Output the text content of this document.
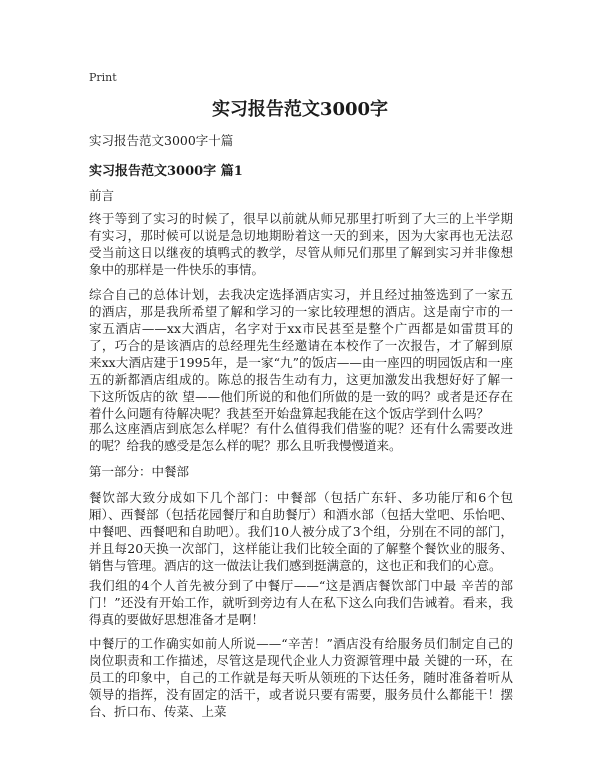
Print
实习报告范文3000字

实习报告范文3000字十篇

实习报告范文3000字 篇1

前言

终于等到了实习的时候了，很早以前就从师兄那里打听到了大三的上半学期有实习，那时候可以说是急切地期盼着这一天的到来，因为大家再也无法忍受当前这日以继夜的填鸭式的教学，尽管从师兄们那里了解到实习并非像想象中的那样是一件快乐的事情。

综合自己的总体计划，去我决定选择酒店实习，并且经过抽签选到了一家五的酒店，那是我所希望了解和学习的一家比较理想的酒店。这是南宁市的一家五酒店——xx大酒店，名字对于xx市民甚至是整个广西都是如雷贯耳的了，巧合的是该酒店的总经理先生经邀请在本校作了一次报告，才了解到原来xx大酒店建于1995年，是一家“九”的饭店——由一座四的明园饭店和一座五的新都酒店组成的。陈总的报告生动有力，这更加激发出我想好好了解一下这所饭店的欲 望——他们所说的和他们所做的是一致的吗？或者是还存在着什么问题有待解决呢？我甚至开始盘算起我能在这个饭店学到什么吗？

那么这座酒店到底怎么样呢？有什么值得我们借鉴的呢？还有什么需要改进的呢？给我的感受是怎么样的呢？那么且听我慢慢道来。

第一部分：中餐部

餐饮部大致分成如下几个部门：中餐部（包括广东轩、多功能厅和6个包厢）、西餐部（包括花园餐厅和自助餐厅）和酒水部（包括大堂吧、乐怡吧、中餐吧、西餐吧和自助吧）。我们10人被分成了3个组，分别在不同的部门，并且每20天换一次部门，这样能让我们比较全面的了解整个餐饮业的服务、销售与管理。酒店的这一做法让我们感到挺满意的，这也正和我们的心意。

我们组的4个人首先被分到了中餐厅——“这是酒店餐饮部门中最 辛苦的部门！”还没有开始工作，就听到旁边有人在私下这么向我们告诫着。看来，我得真的要做好思想准备才是啊！

中餐厅的工作确实如前人所说——“辛苦！”酒店没有给服务员们制定自己的岗位职责和工作描述，尽管这是现代企业人力资源管理中最 关键的一环，在员工的印象中，自己的工作就是每天听从领班的下达任务，随时准备着听从领导的指挥，没有固定的活干，或者说只要有需要，服务员什么都能干！摆台、折口布、传菜、上菜
